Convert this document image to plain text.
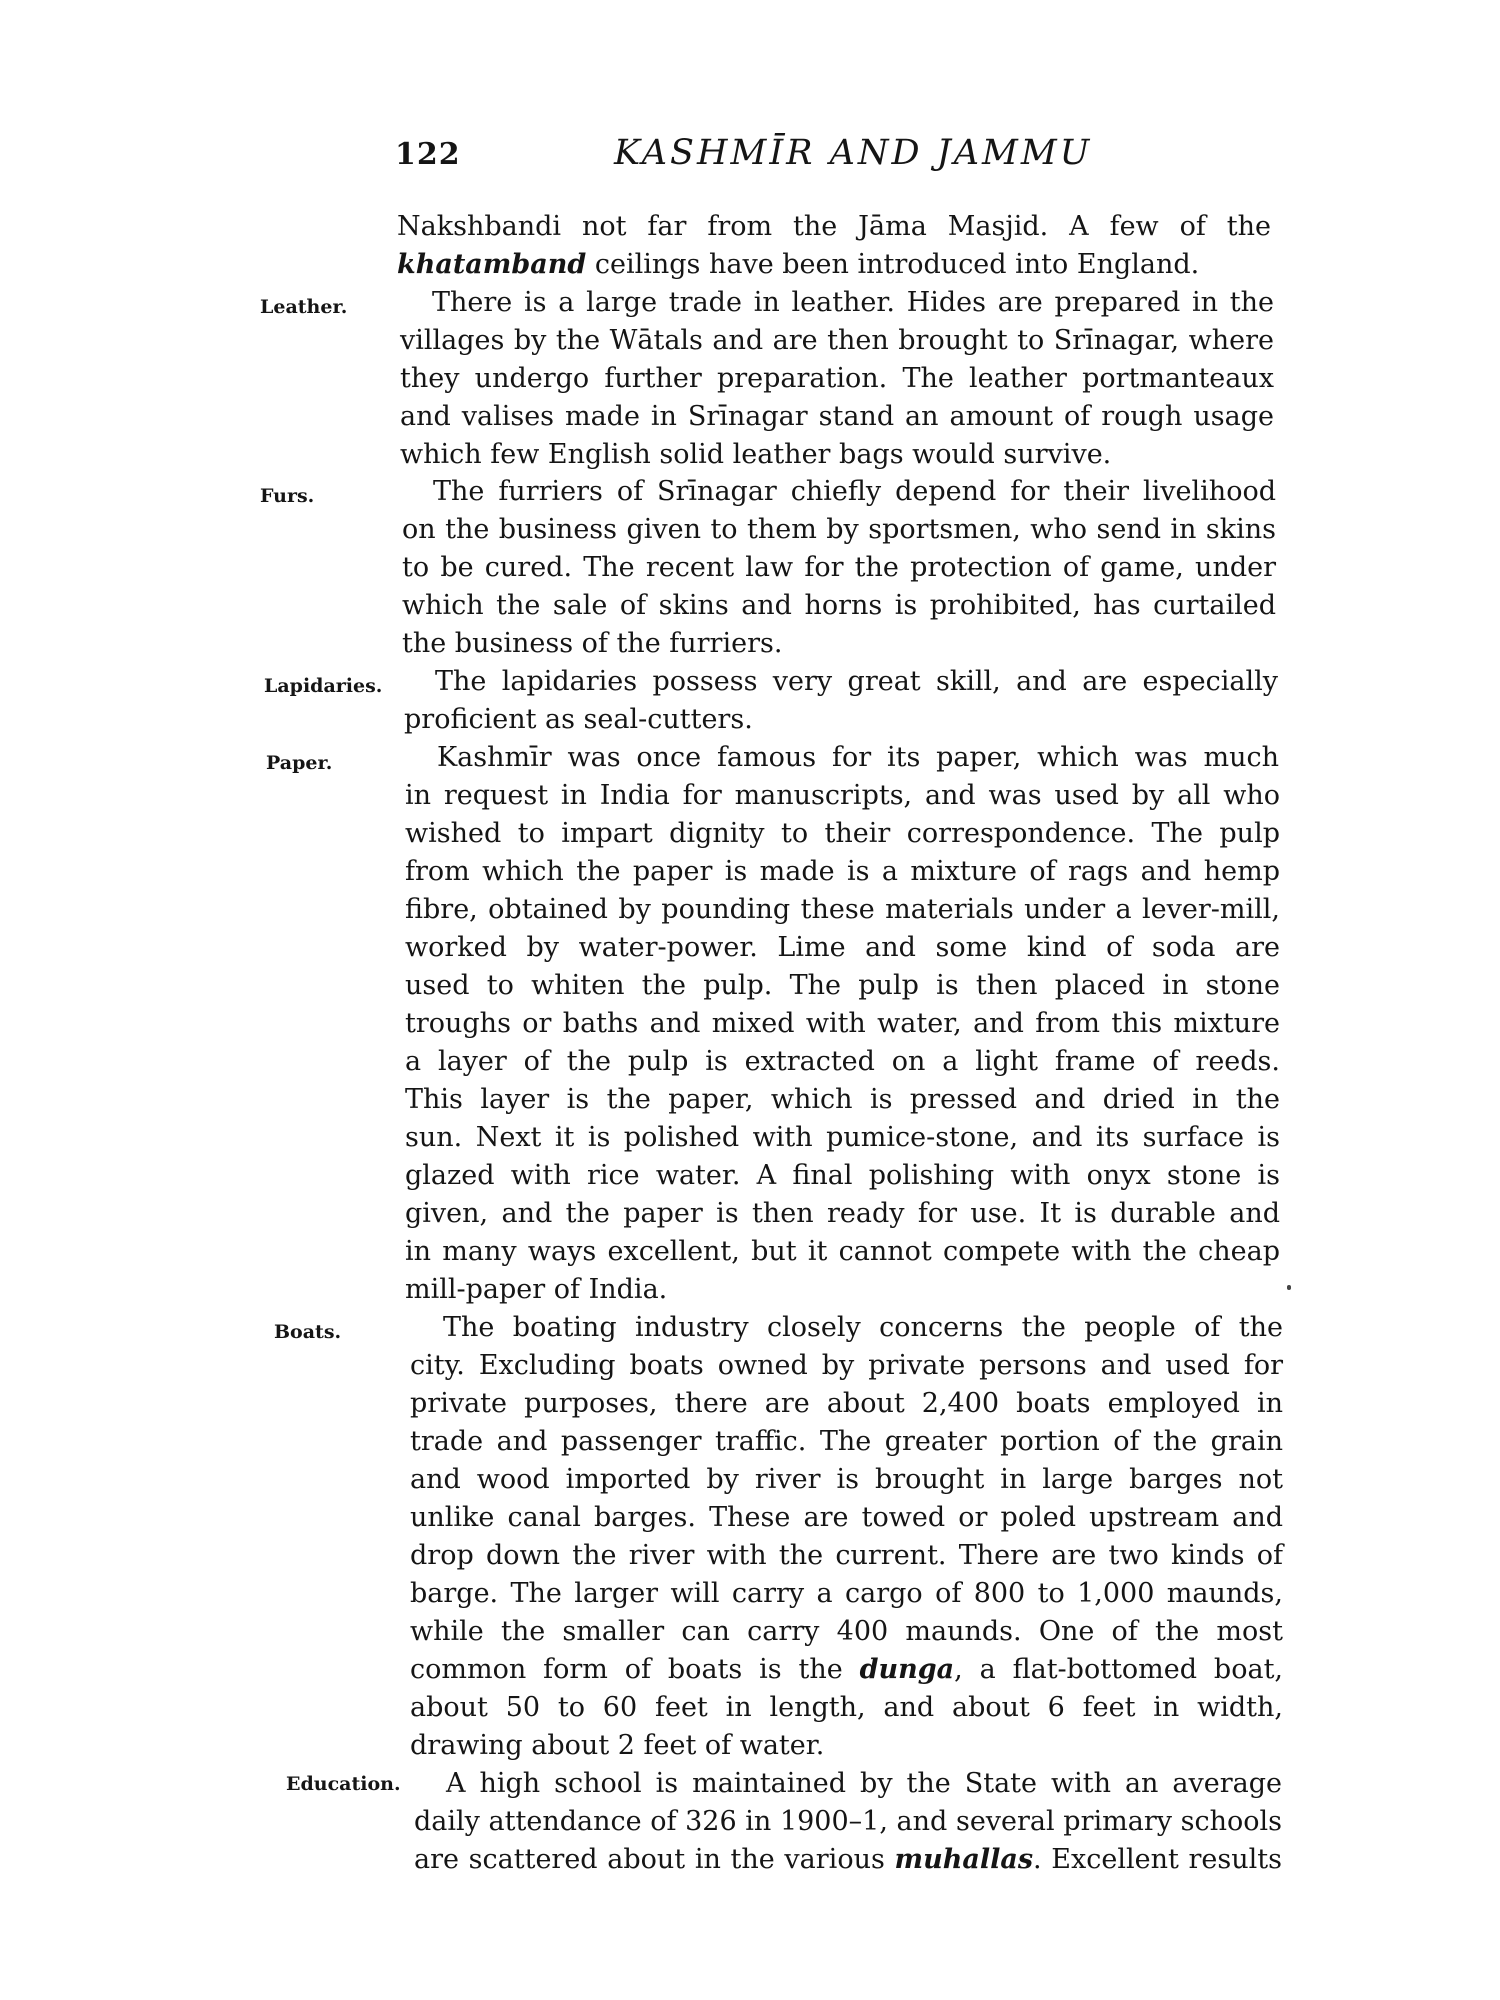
122	KASHMĪR AND JAMMU
Leather.
Furs.
Lapidaries.
Paper.
Boats.
Education.
Nakshbandi not far from the Jāma Masjid. A few of the
khatamband ceilings have been introduced into England.
There is a large trade in leather. Hides are prepared in the
villages by the Wātals and are then brought to Srīnagar, where
they undergo further preparation. The leather portmanteaux
and valises made in Srīnagar stand an amount of rough usage
which few English solid leather bags would survive.
The furriers of Srīnagar chiefly depend for their livelihood
on the business given to them by sportsmen, who send in skins
to be cured. The recent law for the protection of game, under
which the sale of skins and horns is prohibited, has curtailed
the business of the furriers.
The lapidaries possess very great skill, and are especially
proficient as seal-cutters.
Kashmīr was once famous for its paper, which was much
in request in India for manuscripts, and was used by all who
wished to impart dignity to their correspondence. The pulp
from which the paper is made is a mixture of rags and hemp
fibre, obtained by pounding these materials under a lever-mill,
worked by water-power. Lime and some kind of soda are
used to whiten the pulp. The pulp is then placed in stone
troughs or baths and mixed with water, and from this mixture
a layer of the pulp is extracted on a light frame of reeds.
This layer is the paper, which is pressed and dried in the
sun. Next it is polished with pumice-stone, and its surface is
glazed with rice water. A final polishing with onyx stone is
given, and the paper is then ready for use. It is durable and
in many ways excellent, but it cannot compete with the cheap
mill-paper of India.
The boating industry closely concerns the people of the
city. Excluding boats owned by private persons and used for
private purposes, there are about 2,400 boats employed in
trade and passenger traffic. The greater portion of the grain
and wood imported by river is brought in large barges not
unlike canal barges. These are towed or poled upstream and
drop down the river with the current. There are two kinds of
barge. The larger will carry a cargo of 800 to 1,000 maunds,
while the smaller can carry 400 maunds. One of the most
common form of boats is the dunga, a flat-bottomed boat,
about 50 to 60 feet in length, and about 6 feet in width,
drawing about 2 feet of water.
A high school is maintained by the State with an average
daily attendance of 326 in 1900–1, and several primary schools
are scattered about in the various muhallas. Excellent results
